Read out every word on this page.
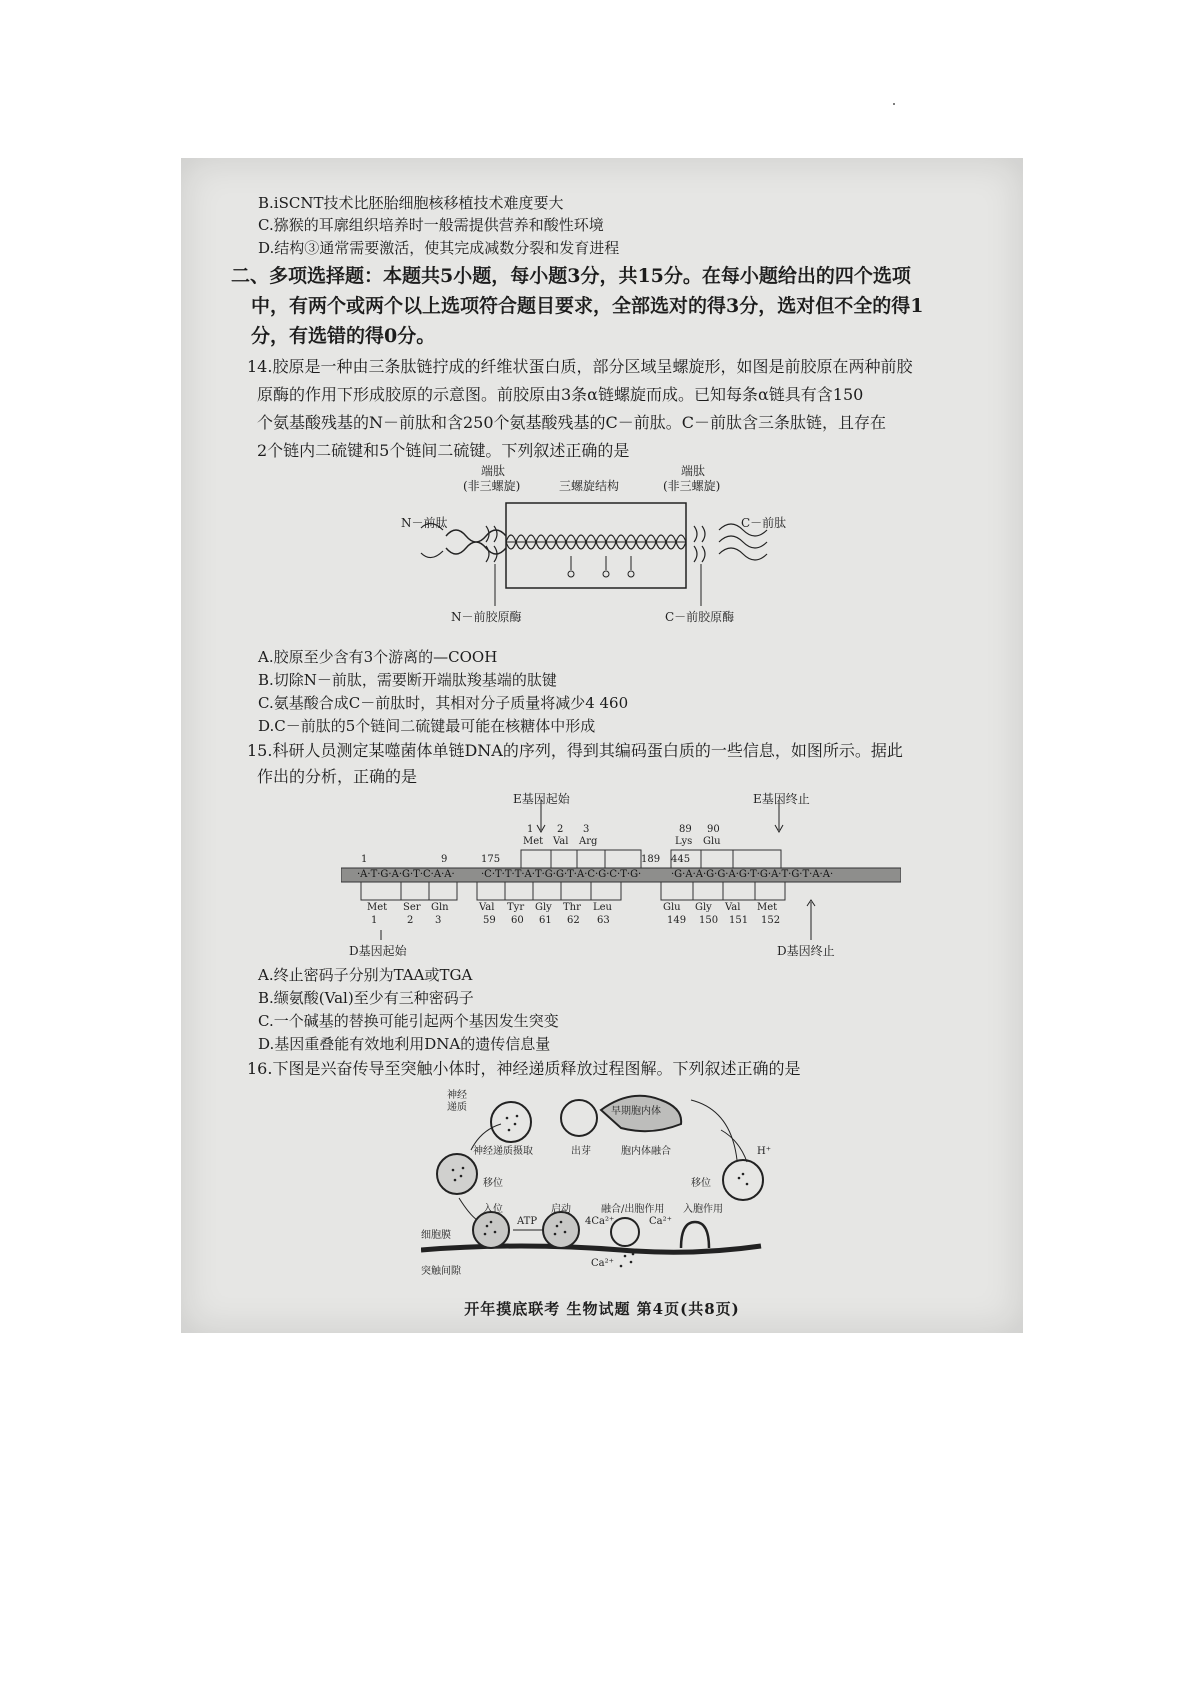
B.iSCNT技术比胚胎细胞核移植技术难度要大
C.猕猴的耳廓组织培养时一般需提供营养和酸性环境
D.结构③通常需要激活，使其完成减数分裂和发育进程
二、多项选择题：本题共5小题，每小题3分，共15分。在每小题给出的四个选项
中，有两个或两个以上选项符合题目要求，全部选对的得3分，选对但不全的得1
分，有选错的得0分。
14.胶原是一种由三条肽链拧成的纤维状蛋白质，部分区域呈螺旋形，如图是前胶原在两种前胶
原酶的作用下形成胶原的示意图。前胶原由3条α链螺旋而成。已知每条α链具有含150
个氨基酸残基的N－前肽和含250个氨基酸残基的C－前肽。C－前肽含三条肽链，且存在
2个链内二硫键和5个链间二硫键。下列叙述正确的是
N－前肽	C－前肽
端肽
(非三螺旋)
端肽
(非三螺旋)
三螺旋结构
N－前胶原酶	C－前胶原酶
A.胶原至少含有3个游离的—COOH
B.切除N－前肽，需要断开端肽羧基端的肽键
C.氨基酸合成C－前肽时，其相对分子质量将减少4 460
D.C－前肽的5个链间二硫键最可能在核糖体中形成
15.科研人员测定某噬菌体单链DNA的序列，得到其编码蛋白质的一些信息，如图所示。据此
作出的分析，正确的是
E基因起始	E基因终止
D基因起始	D基因终止
1	9	175	189 445
·A·T·G·A·G·T·C·A·A·	·C·T·T·T·A·T·G·G·T·A·C·G·C·T·G·	·G·A·A·G·G·A·G·T·G·A·T·G·T·A·A·
Met
1
Val
2
Arg
3
Lys
89
Glu
90
Met
1
Ser
2
Gln
3
Val
59
Tyr
60
Gly
61
Thr
62
Leu
63
Glu
149
Gly
150
Val
151
Met
152
A.终止密码子分别为TAA或TGA
B.缬氨酸(Val)至少有三种密码子
C.一个碱基的替换可能引起两个基因发生突变
D.基因重叠能有效地利用DNA的遗传信息量
16.下图是兴奋传导至突触小体时，神经递质释放过程图解。下列叙述正确的是
神经
递质	早期胞内体
神经递质摄取	出芽	胞内体融合
移位	移位
H⁺
入位	启动	融合/出胞作用 入胞作用
细胞膜
突触间隙
ATP	4Ca²⁺	Ca²⁺
Ca²⁺
开年摸底联考 生物试题 第4页(共8页)
